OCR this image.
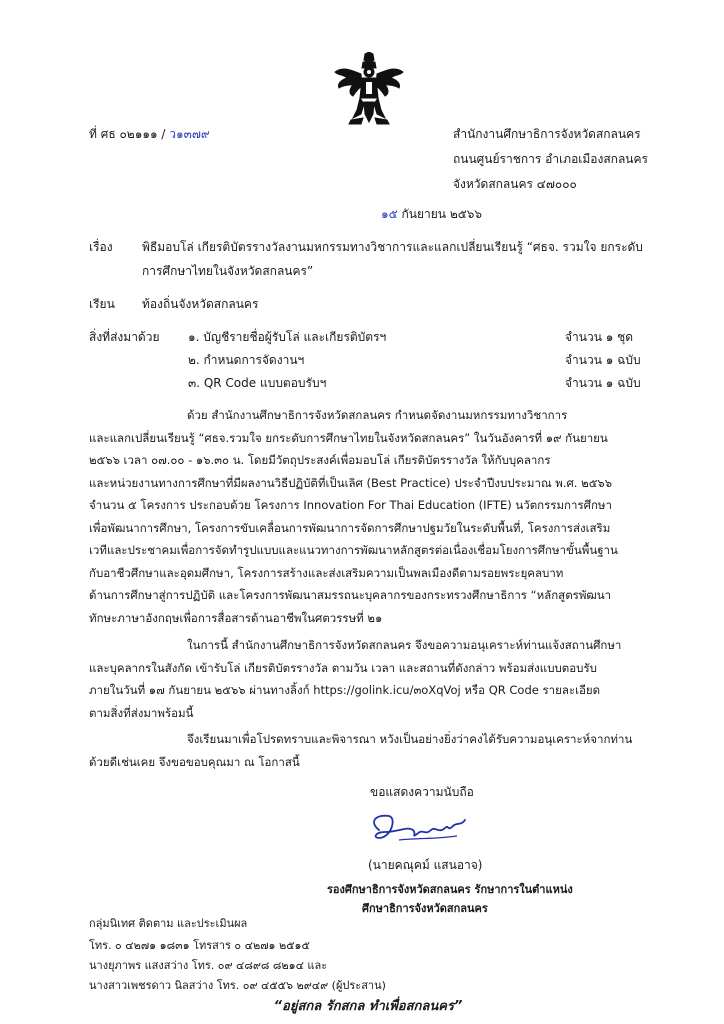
ที่ ศธ ๐๒๑๑๑ / ว๑๓๗๙	สำนักงานศึกษาธิการจังหวัดสกลนคร
ถนนศูนย์ราชการ อำเภอเมืองสกลนคร
จังหวัดสกลนคร ๔๗๐๐๐
๑๕ กันยายน ๒๕๖๖
เรื่อง พิธีมอบโล่ เกียรติบัตรรางวัลงานมหกรรมทางวิชาการและแลกเปลี่ยนเรียนรู้ “ศธจ. รวมใจ ยกระดับ
การศึกษาไทยในจังหวัดสกลนคร”
เรียน ท้องถิ่นจังหวัดสกลนคร
สิ่งที่ส่งมาด้วย ๑. บัญชีรายชื่อผู้รับโล่ และเกียรติบัตรฯ	จำนวน ๑ ชุด
๒. กำหนดการจัดงานฯ	จำนวน ๑ ฉบับ
๓. QR Code แบบตอบรับฯ	จำนวน ๑ ฉบับ
ด้วย สำนักงานศึกษาธิการจังหวัดสกลนคร กำหนดจัดงานมหกรรมทางวิชาการ
และแลกเปลี่ยนเรียนรู้ “ศธจ.รวมใจ ยกระดับการศึกษาไทยในจังหวัดสกลนคร” ในวันอังคารที่ ๑๙ กันยายน
๒๕๖๖ เวลา ๐๗.๐๐ - ๑๖.๓๐ น. โดยมีวัตถุประสงค์เพื่อมอบโล่ เกียรติบัตรรางวัล ให้กับบุคลากร
และหน่วยงานทางการศึกษาที่มีผลงานวิธีปฏิบัติที่เป็นเลิศ (Best Practice) ประจำปีงบประมาณ พ.ศ. ๒๕๖๖
จำนวน ๕ โครงการ ประกอบด้วย โครงการ Innovation For Thai Education (IFTE) นวัตกรรมการศึกษา
เพื่อพัฒนาการศึกษา, โครงการขับเคลื่อนการพัฒนาการจัดการศึกษาปฐมวัยในระดับพื้นที่, โครงการส่งเสริม
เวทีและประชาคมเพื่อการจัดทำรูปแบบและแนวทางการพัฒนาหลักสูตรต่อเนื่องเชื่อมโยงการศึกษาขั้นพื้นฐาน
กับอาชีวศึกษาและอุดมศึกษา, โครงการสร้างและส่งเสริมความเป็นพลเมืองดีตามรอยพระยุคลบาท
ด้านการศึกษาสู่การปฏิบัติ และโครงการพัฒนาสมรรถนะบุคลากรของกระทรวงศึกษาธิการ “หลักสูตรพัฒนา
ทักษะภาษาอังกฤษเพื่อการสื่อสารด้านอาชีพในศตวรรษที่ ๒๑
ในการนี้ สำนักงานศึกษาธิการจังหวัดสกลนคร จึงขอความอนุเคราะห์ท่านแจ้งสถานศึกษา
และบุคลากรในสังกัด เข้ารับโล่ เกียรติบัตรรางวัล ตามวัน เวลา และสถานที่ดังกล่าว พร้อมส่งแบบตอบรับ
ภายในวันที่ ๑๗ กันยายน ๒๕๖๖ ผ่านทางลิ้งก์ https://golink.icu/๓oXqVoj หรือ QR Code รายละเอียด
ตามสิ่งที่ส่งมาพร้อมนี้
จึงเรียนมาเพื่อโปรดทราบและพิจารณา หวังเป็นอย่างยิ่งว่าคงได้รับความอนุเคราะห์จากท่าน
ด้วยดีเช่นเคย จึงขอขอบคุณมา ณ โอกาสนี้
ขอแสดงความนับถือ
(นายคณุคม์ แสนอาจ)
รองศึกษาธิการจังหวัดสกลนคร รักษาการในตำแหน่ง
ศึกษาธิการจังหวัดสกลนคร
กลุ่มนิเทศ ติดตาม และประเมินผล
โทร. ๐ ๔๒๗๑ ๑๘๓๑ โทรสาร ๐ ๔๒๗๑ ๒๕๑๕
นางยุภาพร แสงสว่าง โทร. ๐๙ ๔๘๙๘ ๘๒๑๔ และ
นางสาวเพชรดาว นิลสว่าง โทร. ๐๙ ๔๕๕๖ ๒๙๔๙ (ผู้ประสาน)
“อยู่สกล รักสกล ทำเพื่อสกลนคร”
